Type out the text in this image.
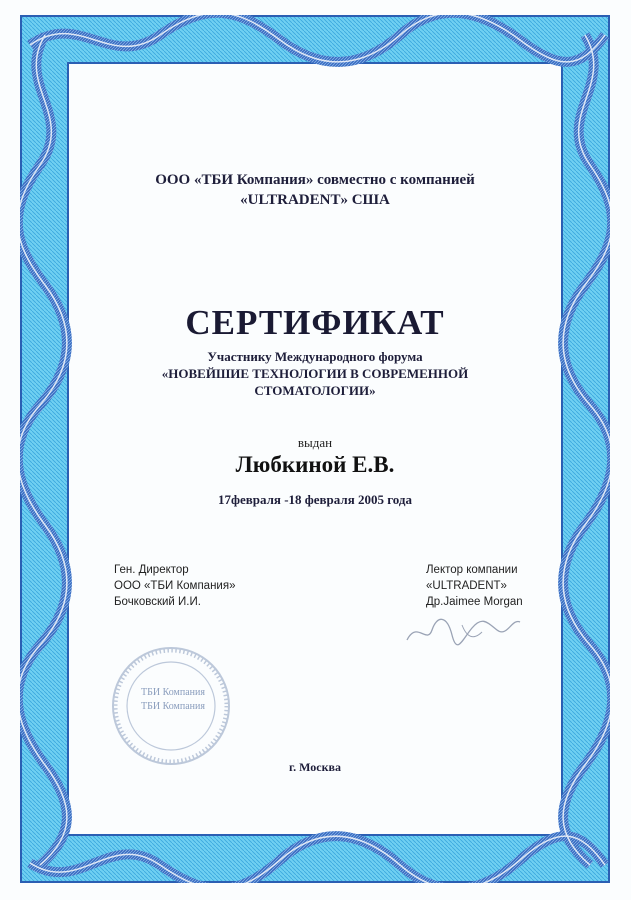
ООО «ТБИ Компания» совместно с компанией
«ULTRADENT» США
СЕРТИФИКАТ
Участнику Международного форума
«НОВЕЙШИЕ ТЕХНОЛОГИИ В СОВРЕМЕННОЙ
СТОМАТОЛОГИИ»
выдан
Любкиной Е.В.
17февраля -18 февраля 2005 года
Ген. Директор
ООО «ТБИ Компания»
Бочковский И.И.
Лектор компании
«ULTRADENT»
Др.Jaimee Morgan
ТБИ Компания
ТБИ Компания
г. Москва
